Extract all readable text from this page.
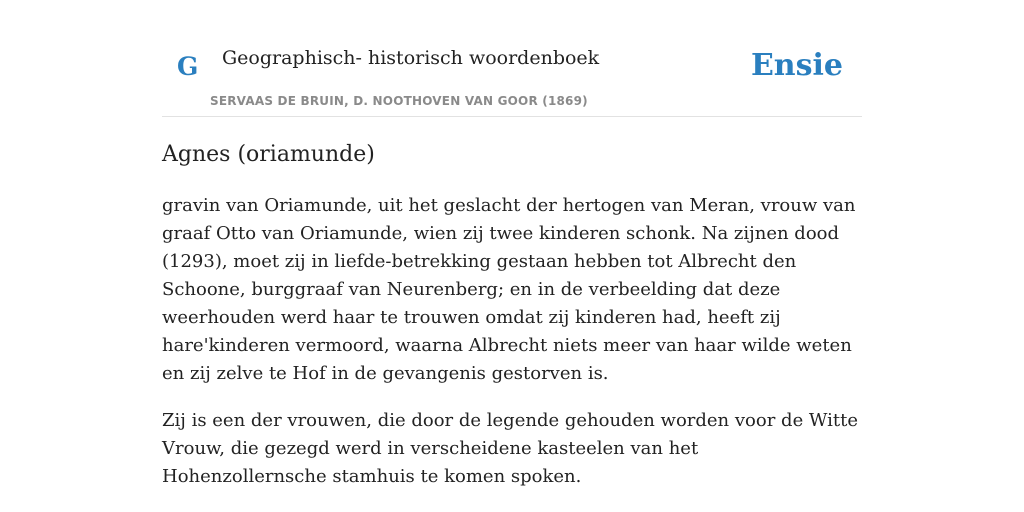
G Geographisch- historisch woordenboek
SERVAAS DE BRUIN, D. NOOTHOVEN VAN GOOR (1869)
Ensie
Agnes (oriamunde)

gravin van Oriamunde, uit het geslacht der hertogen van Meran, vrouw van graaf Otto van Oriamunde, wien zij twee kinderen schonk. Na zijnen dood (1293), moet zij in liefde-betrekking gestaan hebben tot Albrecht den Schoone, burggraaf van Neurenberg; en in de verbeelding dat deze weerhouden werd haar te trouwen omdat zij kinderen had, heeft zij hare'kinderen vermoord, waarna Albrecht niets meer van haar wilde weten en zij zelve te Hof in de gevangenis gestorven is.

Zij is een der vrouwen, die door de legende gehouden worden voor de Witte Vrouw, die gezegd werd in verscheidene kasteelen van het Hohenzollernsche stamhuis te komen spoken.
